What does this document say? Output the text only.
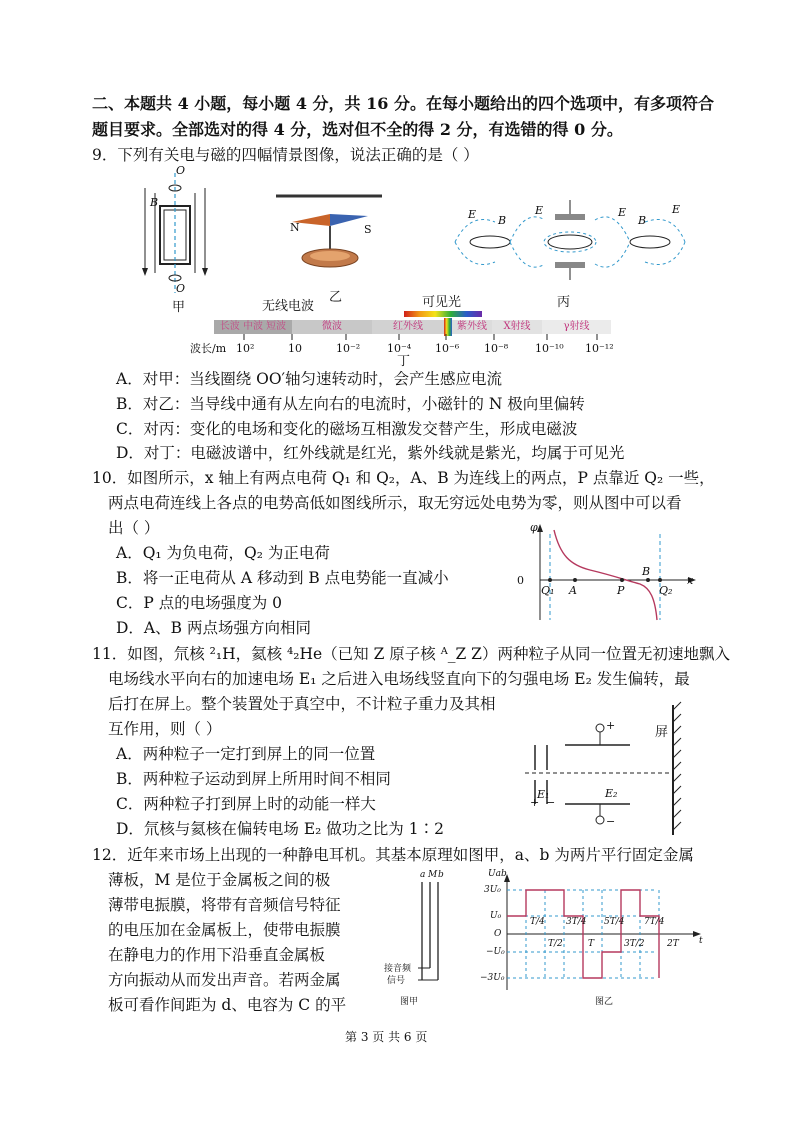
二、本题共 4 小题，每小题 4 分，共 16 分。在每小题给出的四个选项中，有多项符合
题目要求。全部选对的得 4 分，选对但不全的得 2 分，有选错的得 0 分。
9．下列有关电与磁的四幅情景图像，说法正确的是（ ）
O
O
B
甲
N	S
乙
E B
E	E
B
E
丙
无线电波	可见光
长波 中波 短波	微波	红外线	紫外线	X射线	γ射线
波长/m 10²	10	10⁻² 10⁻⁴ 10⁻⁶ 10⁻⁸ 10⁻¹⁰ 10⁻¹²
丁
A．对甲：当线圈绕 OO′轴匀速转动时，会产生感应电流
B．对乙：当导线中通有从左向右的电流时，小磁针的 N 极向里偏转
C．对丙：变化的电场和变化的磁场互相激发交替产生，形成电磁波
D．对丁：电磁波谱中，红外线就是红光，紫外线就是紫光，均属于可见光
10．如图所示，x 轴上有两点电荷 Q₁ 和 Q₂，A、B 为连线上的两点，P 点靠近 Q₂ 一些，
两点电荷连线上各点的电势高低如图线所示，取无穷远处电势为零，则从图中可以看
出（ ）
A．Q₁ 为负电荷，Q₂ 为正电荷
B．将一正电荷从 A 移动到 B 点电势能一直减小
C．P 点的电场强度为 0
D．A、B 两点场强方向相同
φ
0	x
Q₁ A	P
B
Q₂
11．如图，氘核 ²₁H，氦核 ⁴₂He（已知 Z 原子核 ᴬ_Z Z）两种粒子从同一位置无初速地飘入
电场线水平向右的加速电场 E₁ 之后进入电场线竖直向下的匀强电场 E₂ 发生偏转，最
后打在屏上。整个装置处于真空中，不计粒子重力及其相
互作用，则（ ）
A．两种粒子一定打到屏上的同一位置
B．两种粒子运动到屏上所用时间不相同
C．两种粒子打到屏上时的动能一样大
D．氘核与氦核在偏转电场 E₂ 做功之比为 1∶2
+
−
+ −
E₁	E₂
屏
12．近年来市场上出现的一种静电耳机。其基本原理如图甲，a、b 为两片平行固定金属
薄板，M 是位于金属板之间的极
薄带电振膜，将带有音频信号特征
的电压加在金属板上，使带电振膜
在静电力的作用下沿垂直金属板
方向振动从而发出声音。若两金属
板可看作间距为 d、电容为 C 的平
a M b
接音频
信号
图甲
Uab
3U₀
U₀
O
−U₀
−3U₀
t
T/4
T/2
3T/4
T
5T/4
3T/2
7T/4
2T
图乙
第 3 页 共 6 页
